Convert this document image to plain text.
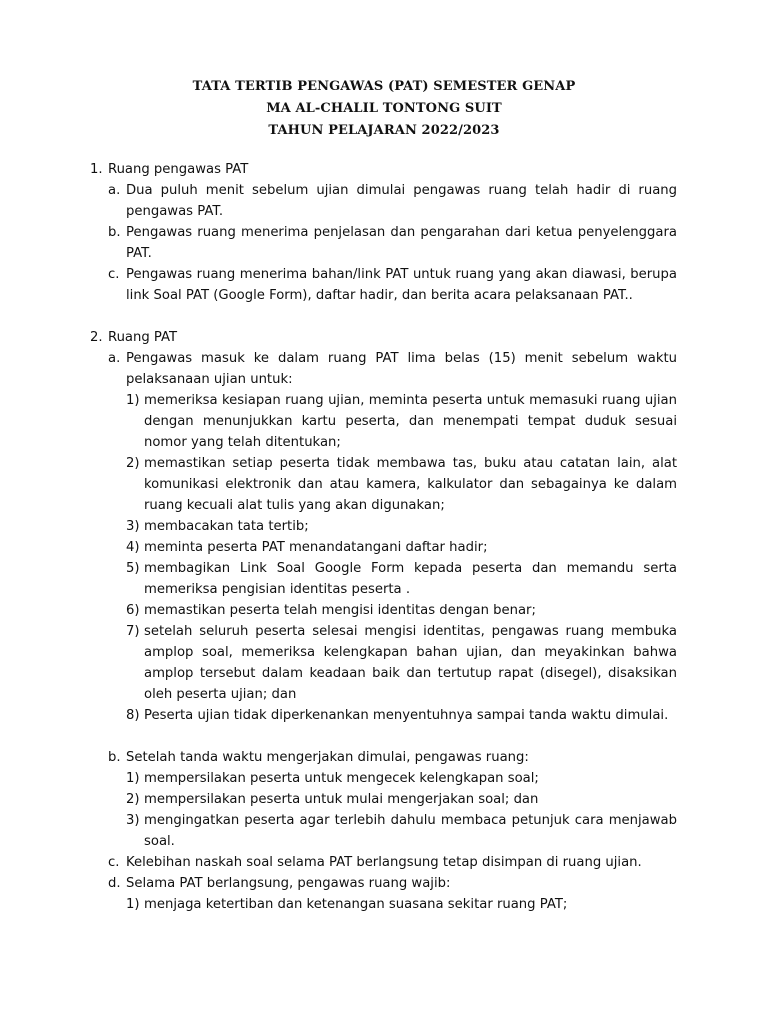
TATA TERTIB PENGAWAS (PAT) SEMESTER GENAP
MA AL-CHALIL TONTONG SUIT
TAHUN PELAJARAN 2022/2023
1. Ruang pengawas PAT
a. Dua puluh menit sebelum ujian dimulai pengawas ruang telah hadir di ruang pengawas PAT.
b. Pengawas ruang menerima penjelasan dan pengarahan dari ketua penyelenggara PAT.
c. Pengawas ruang menerima bahan/link PAT untuk ruang yang akan diawasi, berupa link Soal PAT (Google Form), daftar hadir, dan berita acara pelaksanaan PAT..
2. Ruang PAT
a. Pengawas masuk ke dalam ruang PAT lima belas (15) menit sebelum waktu pelaksanaan ujian untuk:
1) memeriksa kesiapan ruang ujian, meminta peserta untuk memasuki ruang ujian dengan menunjukkan kartu peserta, dan menempati tempat duduk sesuai nomor yang telah ditentukan;
2) memastikan setiap peserta tidak membawa tas, buku atau catatan lain, alat komunikasi elektronik dan atau kamera, kalkulator dan sebagainya ke dalam ruang kecuali alat tulis yang akan digunakan;
3) membacakan tata tertib;
4) meminta peserta PAT menandatangani daftar hadir;
5) membagikan Link Soal Google Form kepada peserta dan memandu serta memeriksa pengisian identitas peserta .
6) memastikan peserta telah mengisi identitas dengan benar;
7) setelah seluruh peserta selesai mengisi identitas, pengawas ruang membuka amplop soal, memeriksa kelengkapan bahan ujian, dan meyakinkan bahwa amplop tersebut dalam keadaan baik dan tertutup rapat (disegel), disaksikan oleh peserta ujian; dan
8) Peserta ujian tidak diperkenankan menyentuhnya sampai tanda waktu dimulai.
b. Setelah tanda waktu mengerjakan dimulai, pengawas ruang:
1) mempersilakan peserta untuk mengecek kelengkapan soal;
2) mempersilakan peserta untuk mulai mengerjakan soal; dan
3) mengingatkan peserta agar terlebih dahulu membaca petunjuk cara menjawab soal.
c. Kelebihan naskah soal selama PAT berlangsung tetap disimpan di ruang ujian.
d. Selama PAT berlangsung, pengawas ruang wajib:
1) menjaga ketertiban dan ketenangan suasana sekitar ruang PAT;
